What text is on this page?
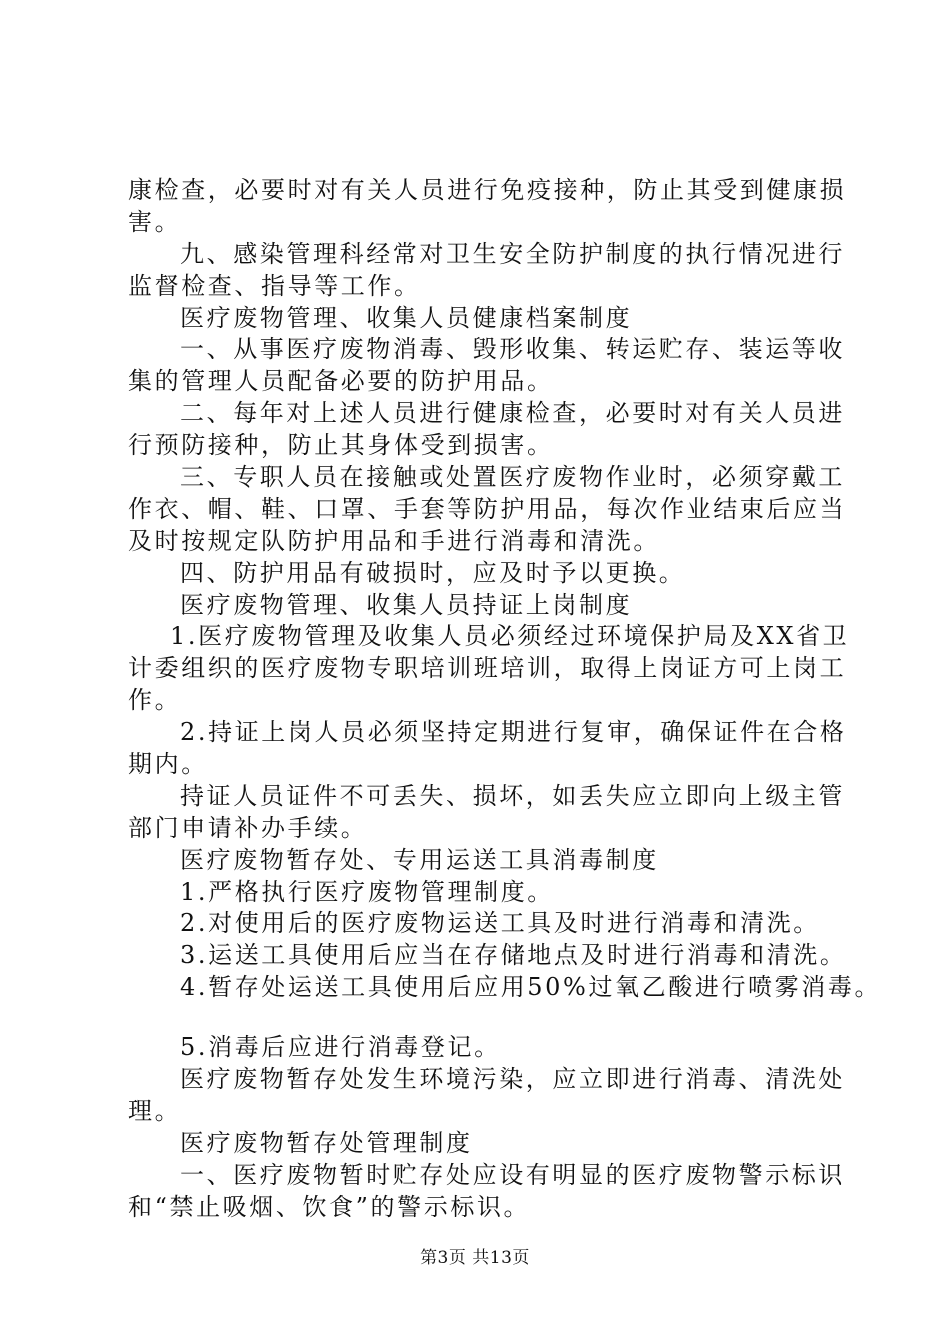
康检查，必要时对有关人员进行免疫接种，防止其受到健康损
害。
九、感染管理科经常对卫生安全防护制度的执行情况进行
监督检查、指导等工作。
医疗废物管理、收集人员健康档案制度
一、从事医疗废物消毒、毁形收集、转运贮存、装运等收
集的管理人员配备必要的防护用品。
二、每年对上述人员进行健康检查，必要时对有关人员进
行预防接种，防止其身体受到损害。
三、专职人员在接触或处置医疗废物作业时，必须穿戴工
作衣、帽、鞋、口罩、手套等防护用品，每次作业结束后应当
及时按规定队防护用品和手进行消毒和清洗。
四、防护用品有破损时，应及时予以更换。
医疗废物管理、收集人员持证上岗制度
1.医疗废物管理及收集人员必须经过环境保护局及XX省卫
计委组织的医疗废物专职培训班培训，取得上岗证方可上岗工
作。
2.持证上岗人员必须坚持定期进行复审，确保证件在合格
期内。
持证人员证件不可丢失、损坏，如丢失应立即向上级主管
部门申请补办手续。
医疗废物暂存处、专用运送工具消毒制度
1.严格执行医疗废物管理制度。
2.对使用后的医疗废物运送工具及时进行消毒和清洗。
3.运送工具使用后应当在存储地点及时进行消毒和清洗。
4.暂存处运送工具使用后应用50%过氧乙酸进行喷雾消毒。
5.消毒后应进行消毒登记。
医疗废物暂存处发生环境污染，应立即进行消毒、清洗处
理。
医疗废物暂存处管理制度
一、医疗废物暂时贮存处应设有明显的医疗废物警示标识
和“禁止吸烟、饮食”的警示标识。
第3页 共13页
